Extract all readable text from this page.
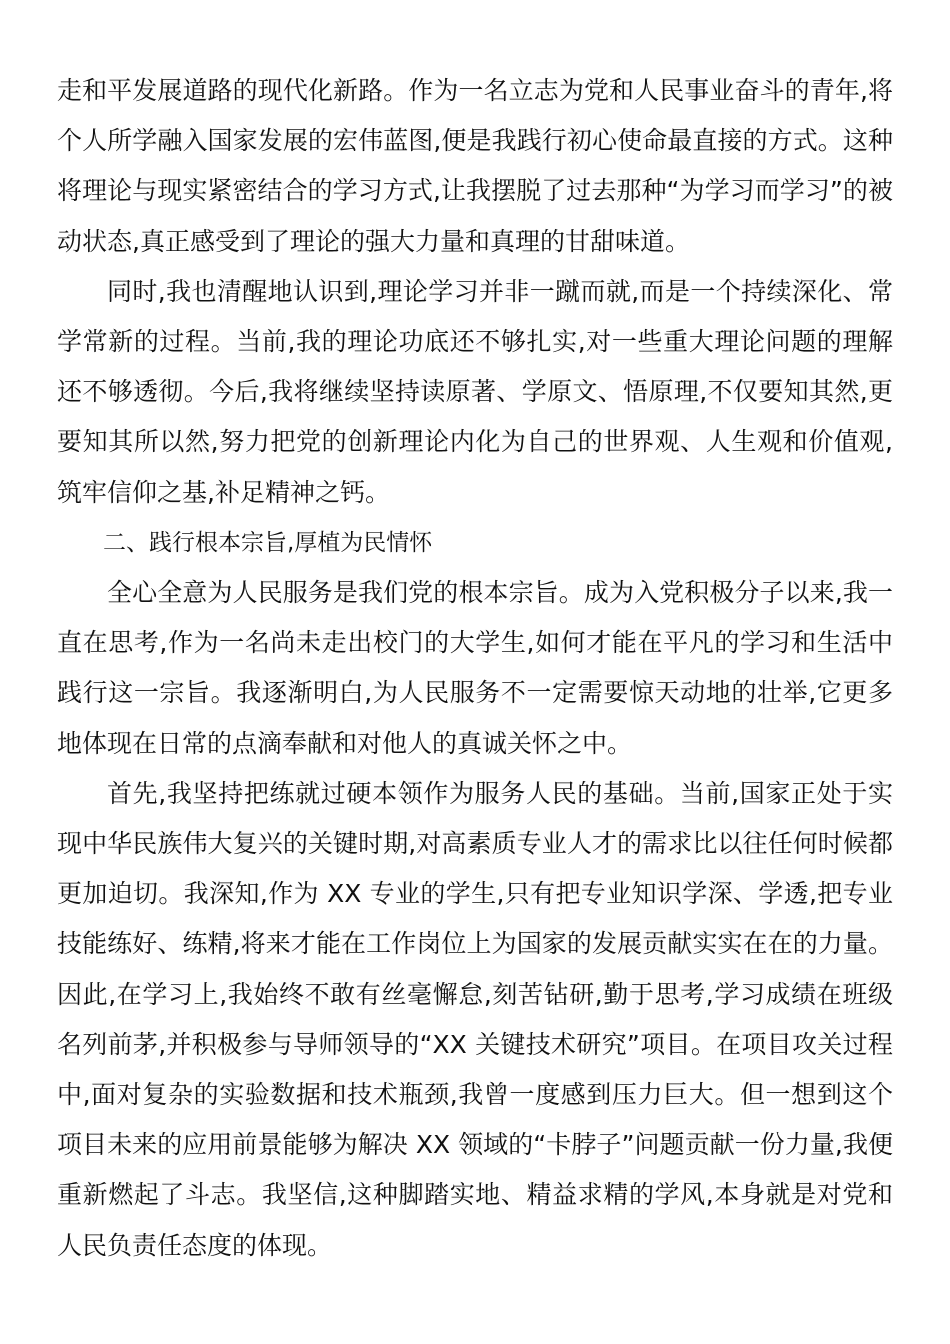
走和平发展道路的现代化新路。作为一名立志为党和人民事业奋斗的青年,将个人所学融入国家发展的宏伟蓝图,便是我践行初心使命最直接的方式。这种将理论与现实紧密结合的学习方式,让我摆脱了过去那种“为学习而学习”的被动状态,真正感受到了理论的强大力量和真理的甘甜味道。

同时,我也清醒地认识到,理论学习并非一蹴而就,而是一个持续深化、常学常新的过程。当前,我的理论功底还不够扎实,对一些重大理论问题的理解还不够透彻。今后,我将继续坚持读原著、学原文、悟原理,不仅要知其然,更要知其所以然,努力把党的创新理论内化为自己的世界观、人生观和价值观,筑牢信仰之基,补足精神之钙。

二、践行根本宗旨,厚植为民情怀

全心全意为人民服务是我们党的根本宗旨。成为入党积极分子以来,我一直在思考,作为一名尚未走出校门的大学生,如何才能在平凡的学习和生活中践行这一宗旨。我逐渐明白,为人民服务不一定需要惊天动地的壮举,它更多地体现在日常的点滴奉献和对他人的真诚关怀之中。

首先,我坚持把练就过硬本领作为服务人民的基础。当前,国家正处于实现中华民族伟大复兴的关键时期,对高素质专业人才的需求比以往任何时候都更加迫切。我深知,作为 XX 专业的学生,只有把专业知识学深、学透,把专业技能练好、练精,将来才能在工作岗位上为国家的发展贡献实实在在的力量。因此,在学习上,我始终不敢有丝毫懈怠,刻苦钻研,勤于思考,学习成绩在班级名列前茅,并积极参与导师领导的“XX 关键技术研究”项目。在项目攻关过程中,面对复杂的实验数据和技术瓶颈,我曾一度感到压力巨大。但一想到这个项目未来的应用前景能够为解决 XX 领域的“卡脖子”问题贡献一份力量,我便重新燃起了斗志。我坚信,这种脚踏实地、精益求精的学风,本身就是对党和人民负责任态度的体现。
